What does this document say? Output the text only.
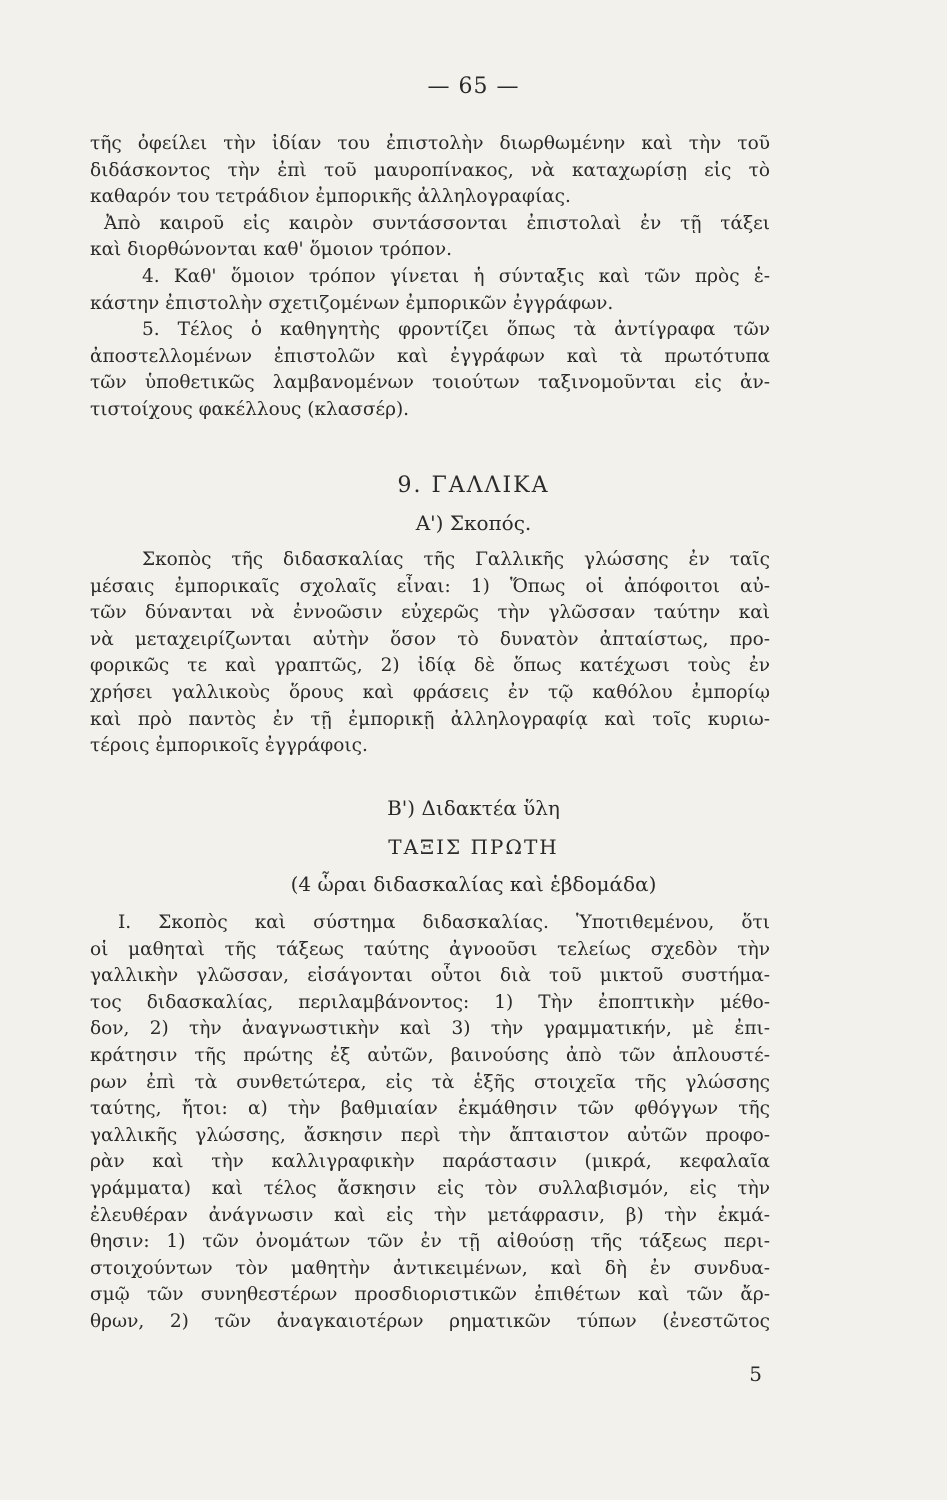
— 65 —
τῆς ὀφείλει τὴν ἰδίαν του ἐπιστολὴν διωρθωμένην καὶ τὴν τοῦ
διδάσκοντος τὴν ἐπὶ τοῦ μαυροπίνακος, νὰ καταχωρίσῃ εἰς τὸ
καθαρόν του τετράδιον ἐμπορικῆς ἀλληλογραφίας.
Ἀπὸ καιροῦ εἰς καιρὸν συντάσσονται ἐπιστολαὶ ἐν τῇ τάξει
καὶ διορθώνονται καθ' ὅμοιον τρόπον.
4. Καθ' ὅμοιον τρόπον γίνεται ἡ σύνταξις καὶ τῶν πρὸς ἑ-
κάστην ἐπιστολὴν σχετιζομένων ἐμπορικῶν ἐγγράφων.
5. Τέλος ὁ καθηγητὴς φροντίζει ὅπως τὰ ἀντίγραφα τῶν
ἀποστελλομένων ἐπιστολῶν καὶ ἐγγράφων καὶ τὰ πρωτότυπα
τῶν ὑποθετικῶς λαμβανομένων τοιούτων ταξινομοῦνται εἰς ἀν-
τιστοίχους φακέλλους (κλασσέρ).
9. ΓΑΛΛΙΚΑ
Α') Σκοπός.
Σκοπὸς τῆς διδασκαλίας τῆς Γαλλικῆς γλώσσης ἐν ταῖς
μέσαις ἐμπορικαῖς σχολαῖς εἶναι: 1) Ὅπως οἱ ἀπόφοιτοι αὐ-
τῶν δύνανται νὰ ἐννοῶσιν εὐχερῶς τὴν γλῶσσαν ταύτην καὶ
νὰ μεταχειρίζωνται αὐτὴν ὅσον τὸ δυνατὸν ἀπταίστως, προ-
φορικῶς τε καὶ γραπτῶς, 2) ἰδίᾳ δὲ ὅπως κατέχωσι τοὺς ἐν
χρήσει γαλλικοὺς ὅρους καὶ φράσεις ἐν τῷ καθόλου ἐμπορίῳ
καὶ πρὸ παντὸς ἐν τῇ ἐμπορικῇ ἀλληλογραφίᾳ καὶ τοῖς κυριω-
τέροις ἐμπορικοῖς ἐγγράφοις.
Β') Διδακτέα ὕλη
ΤΑΞΙΣ ΠΡΩΤΗ
(4 ὧραι διδασκαλίας καὶ ἑβδομάδα)
I. Σκοπὸς καὶ σύστημα διδασκαλίας. Ὑποτιθεμένου, ὅτι
οἱ μαθηταὶ τῆς τάξεως ταύτης ἀγνοοῦσι τελείως σχεδὸν τὴν
γαλλικὴν γλῶσσαν, εἰσάγονται οὗτοι διὰ τοῦ μικτοῦ συστήμα-
τος διδασκαλίας, περιλαμβάνοντος: 1) Τὴν ἐποπτικὴν μέθο-
δον, 2) τὴν ἀναγνωστικὴν καὶ 3) τὴν γραμματικήν, μὲ ἐπι-
κράτησιν τῆς πρώτης ἐξ αὐτῶν, βαινούσης ἀπὸ τῶν ἁπλουστέ-
ρων ἐπὶ τὰ συνθετώτερα, εἰς τὰ ἑξῆς στοιχεῖα τῆς γλώσσης
ταύτης, ἤτοι: α) τὴν βαθμιαίαν ἐκμάθησιν τῶν φθόγγων τῆς
γαλλικῆς γλώσσης, ἄσκησιν περὶ τὴν ἄπταιστον αὐτῶν προφο-
ρὰν καὶ τὴν καλλιγραφικὴν παράστασιν (μικρά, κεφαλαῖα
γράμματα) καὶ τέλος ἄσκησιν εἰς τὸν συλλαβισμόν, εἰς τὴν
ἐλευθέραν ἀνάγνωσιν καὶ εἰς τὴν μετάφρασιν, β) τὴν ἐκμά-
θησιν: 1) τῶν ὀνομάτων τῶν ἐν τῇ αἰθούσῃ τῆς τάξεως περι-
στοιχούντων τὸν μαθητὴν ἀντικειμένων, καὶ δὴ ἐν συνδυα-
σμῷ τῶν συνηθεστέρων προσδιοριστικῶν ἐπιθέτων καὶ τῶν ἄρ-
θρων, 2) τῶν ἀναγκαιοτέρων ρηματικῶν τύπων (ἐνεστῶτος
5
